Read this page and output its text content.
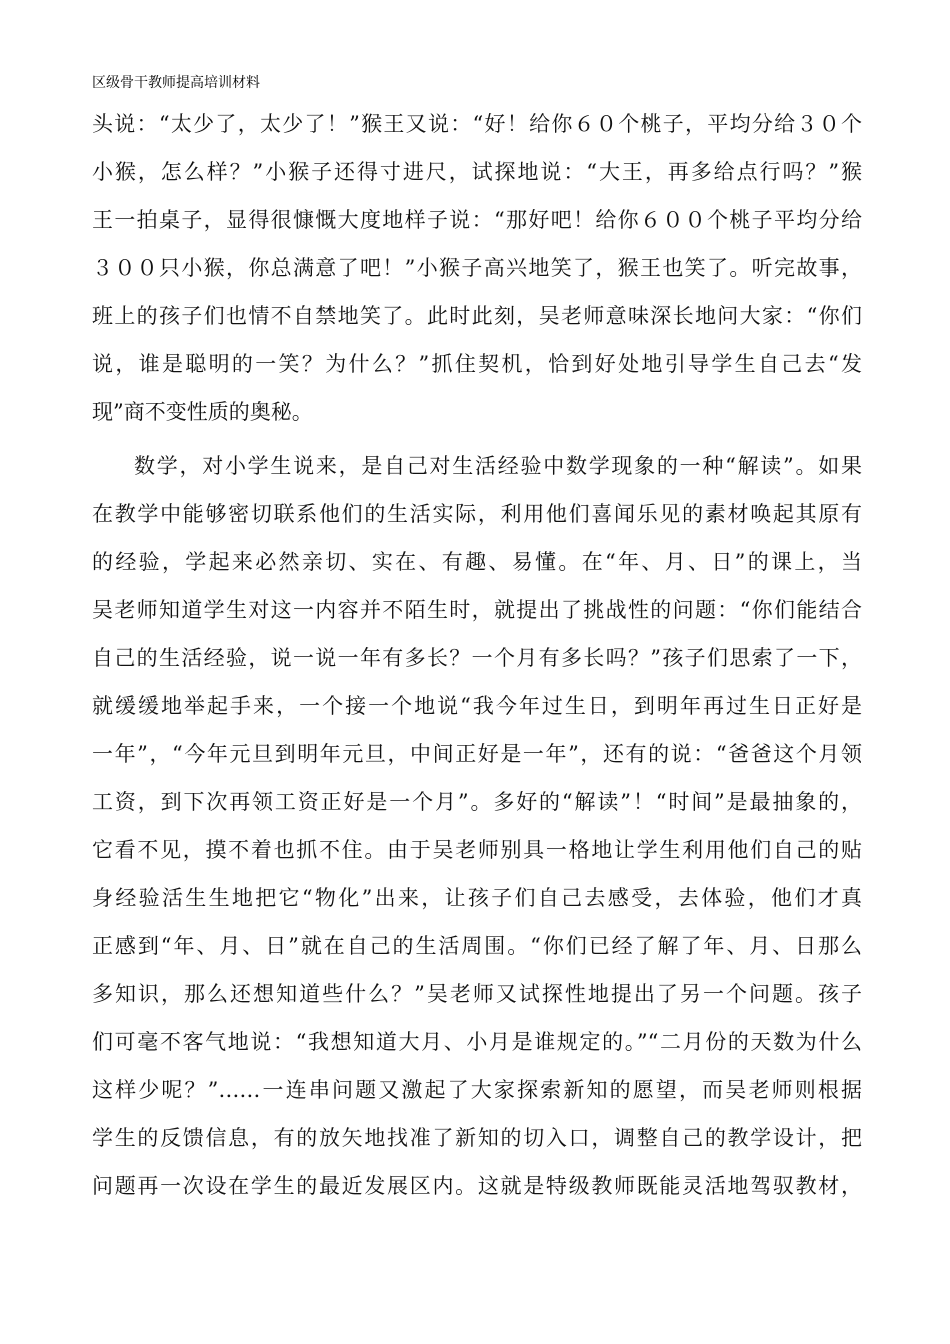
区级骨干教师提高培训材料
头说：“太少了，太少了！”猴王又说：“好！给你６０个桃子，平均分给３０个
小猴，怎么样？”小猴子还得寸进尺，试探地说：“大王，再多给点行吗？”猴
王一拍桌子，显得很慷慨大度地样子说：“那好吧！给你６００个桃子平均分给
３００只小猴，你总满意了吧！”小猴子高兴地笑了，猴王也笑了。听完故事，
班上的孩子们也情不自禁地笑了。此时此刻，吴老师意味深长地问大家：“你们
说，谁是聪明的一笑？为什么？”抓住契机，恰到好处地引导学生自己去“发
现”商不变性质的奥秘。
数学，对小学生说来，是自己对生活经验中数学现象的一种“解读”。如果
在教学中能够密切联系他们的生活实际，利用他们喜闻乐见的素材唤起其原有
的经验，学起来必然亲切、实在、有趣、易懂。在“年、月、日”的课上，当
吴老师知道学生对这一内容并不陌生时，就提出了挑战性的问题：“你们能结合
自己的生活经验，说一说一年有多长？一个月有多长吗？”孩子们思索了一下，
就缓缓地举起手来，一个接一个地说“我今年过生日，到明年再过生日正好是
一年”，“今年元旦到明年元旦，中间正好是一年”，还有的说：“爸爸这个月领
工资，到下次再领工资正好是一个月”。多好的“解读”！“时间”是最抽象的，
它看不见，摸不着也抓不住。由于吴老师别具一格地让学生利用他们自己的贴
身经验活生生地把它“物化”出来，让孩子们自己去感受，去体验，他们才真
正感到“年、月、日”就在自己的生活周围。“你们已经了解了年、月、日那么
多知识，那么还想知道些什么？”吴老师又试探性地提出了另一个问题。孩子
们可毫不客气地说：“我想知道大月、小月是谁规定的。”“二月份的天数为什么
这样少呢？”……一连串问题又激起了大家探索新知的愿望，而吴老师则根据
学生的反馈信息，有的放矢地找准了新知的切入口，调整自己的教学设计，把
问题再一次设在学生的最近发展区内。这就是特级教师既能灵活地驾驭教材，
